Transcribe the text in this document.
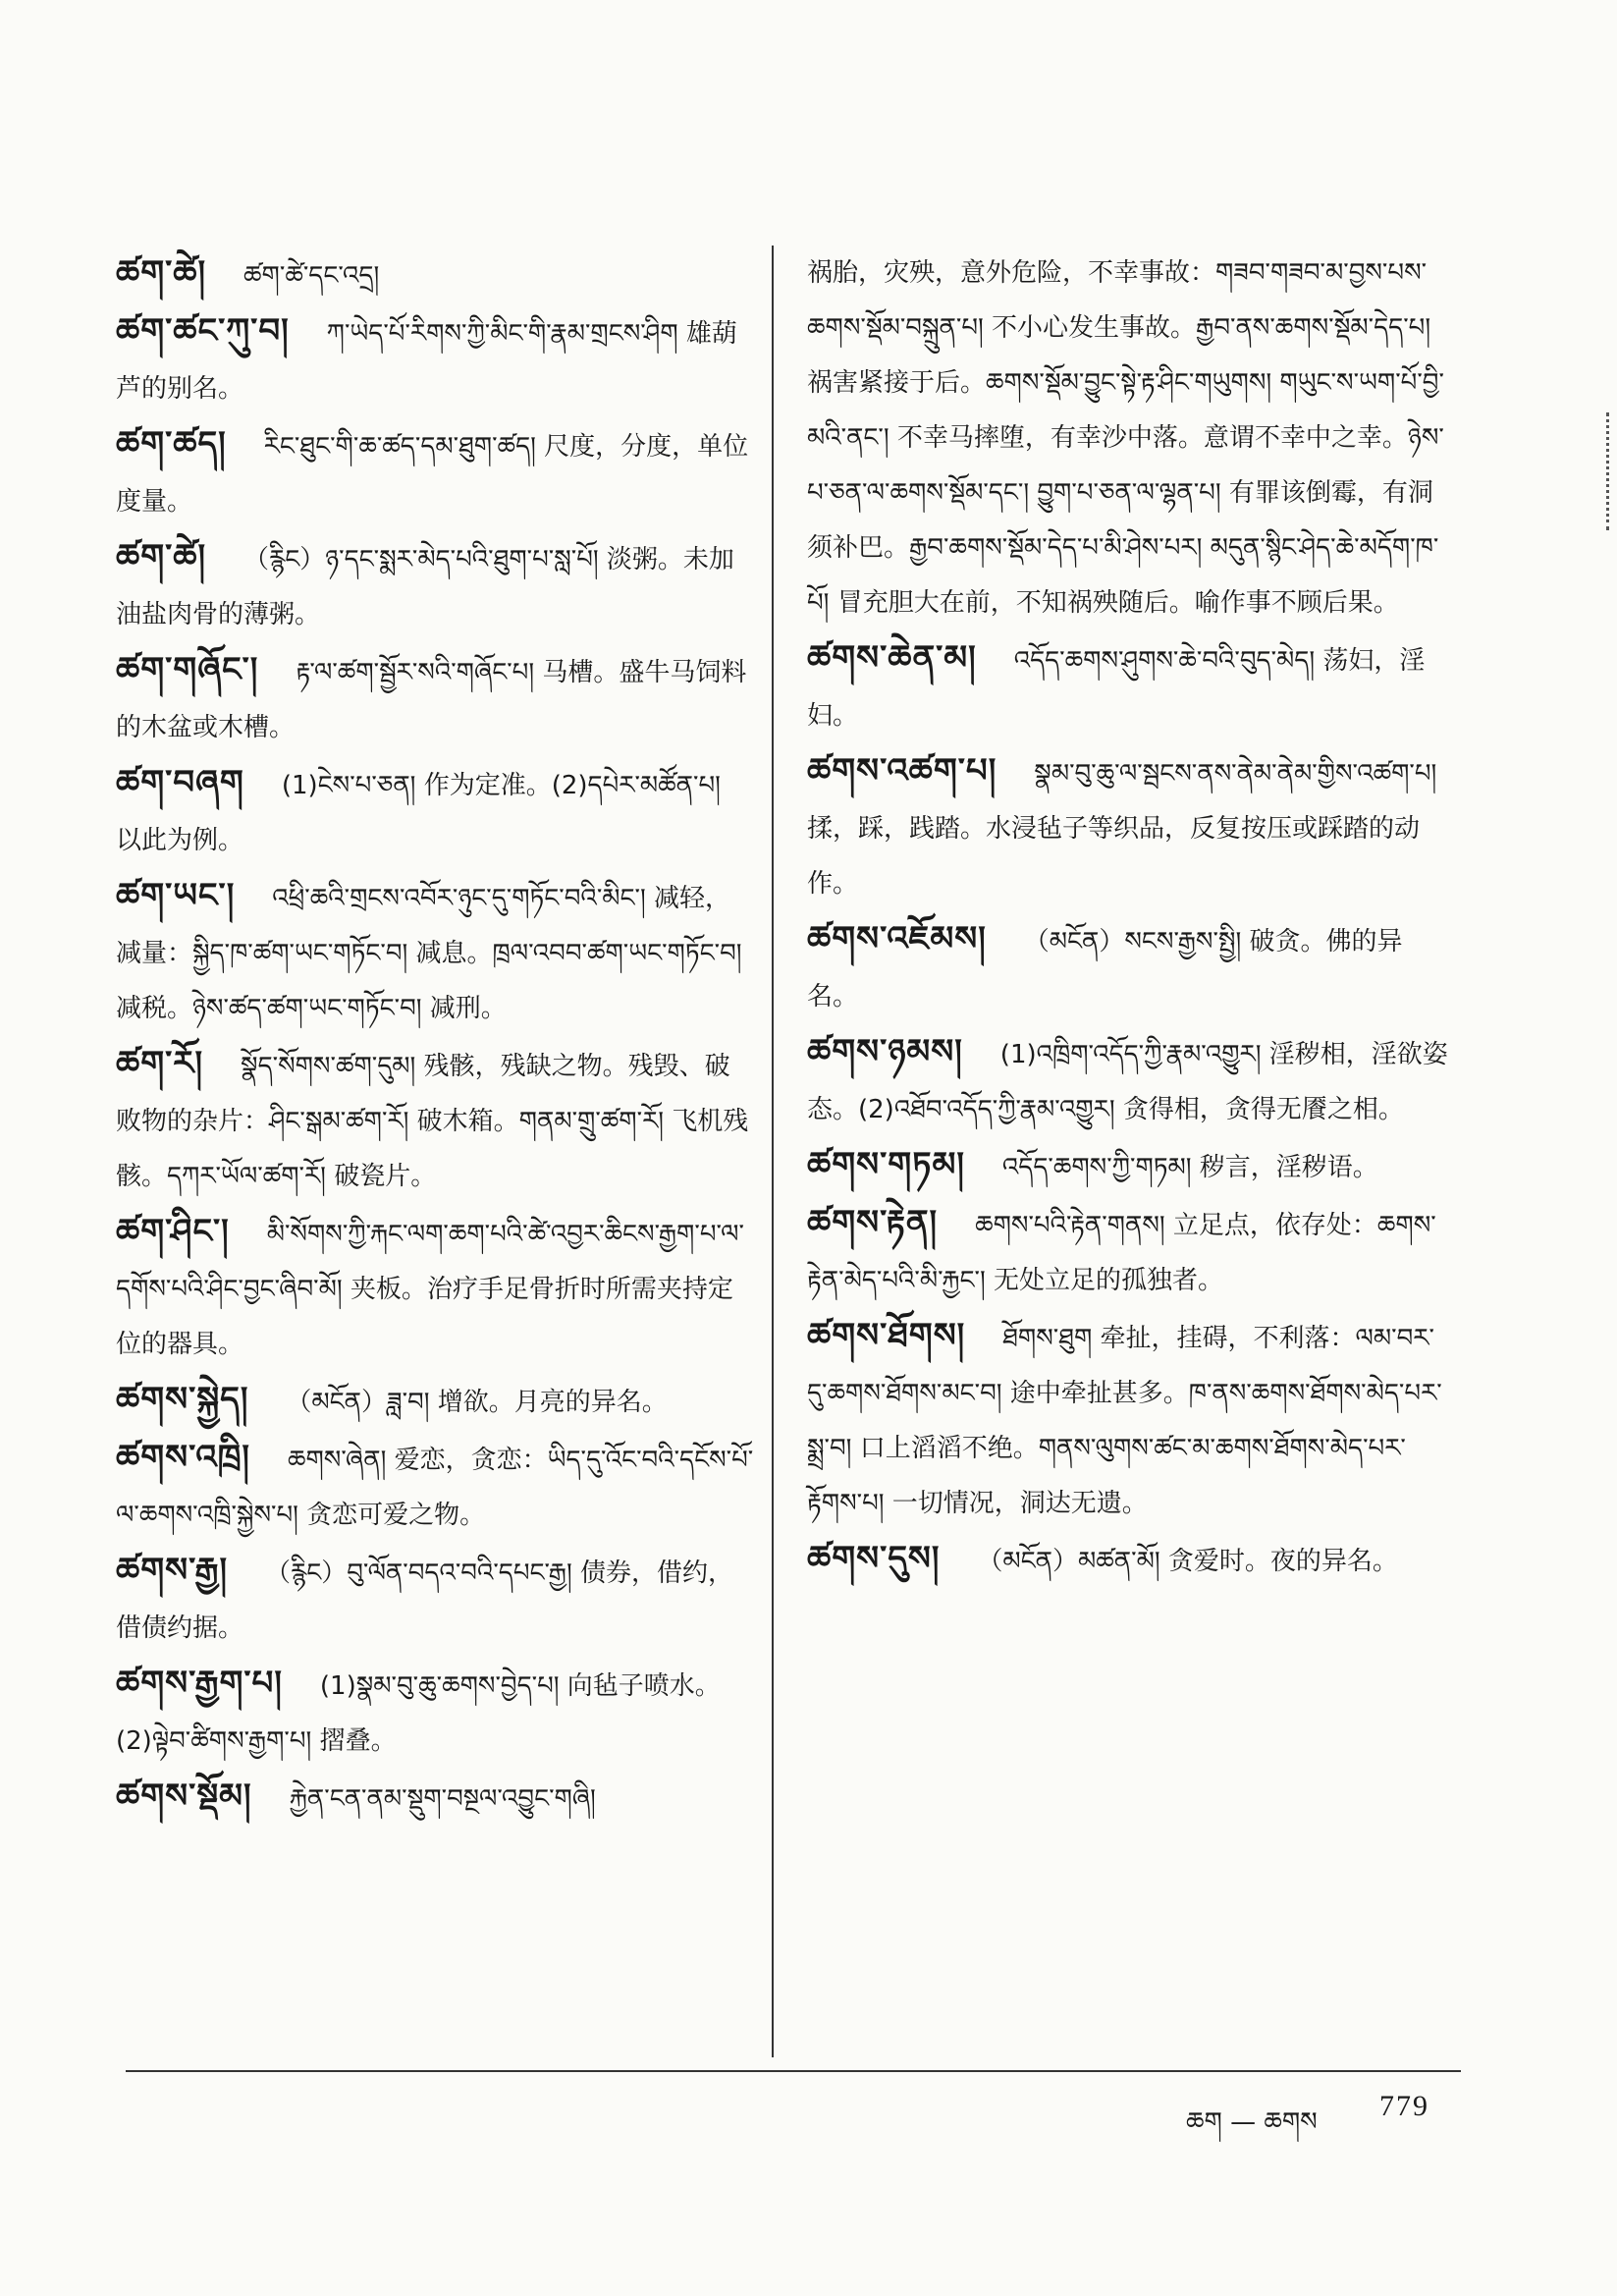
ཚག་ཚེ། ཚག་ཚེ་དང་འདྲ།

ཚག་ཚང་ཀུ་བ། ཀ་ཡེད་པོ་རིགས་ཀྱི་མིང་གི་རྣམ་གྲངས་ཤིག 雄葫芦的别名。

ཚག་ཚད། རིང་ཐུང་གི་ཆ་ཚད་དམ་ཐུག་ཚད། 尺度，分度，单位度量。

ཚག་ཚེ། （རྙིང）ཉ་དང་སྨར་མེད་པའི་ཐུག་པ་སླ་པོ། 淡粥。未加油盐肉骨的薄粥。

ཚག་གཞོང་། རྟ་ལ་ཚག་སྦྱོར་སའི་གཞོང་པ། 马槽。盛牛马饲料的木盆或木槽。

ཚག་བཞག (1)ངེས་པ་ཅན། 作为定准。(2)དཔེར་མཚོན་པ། 以此为例。

ཚག་ཡང་། འཕྲི་ཆའི་གྲངས་འབོར་ཉུང་དུ་གཏོང་བའི་མིང་། 减轻，减量：སྐྱིད་ཁ་ཚག་ཡང་གཏོང་བ། 减息。ཁྲལ་འབབ་ཚག་ཡང་གཏོང་བ། 减税。ཉེས་ཚད་ཚག་ཡང་གཏོང་བ། 减刑。

ཚག་རོ། སྣོད་སོགས་ཚག་དུམ། 残骸，残缺之物。残毁、破败物的杂片：ཤིང་སྒམ་ཚག་རོ། 破木箱。གནམ་གྲུ་ཚག་རོ། 飞机残骸。དཀར་ཡོལ་ཚག་རོ། 破瓷片。

ཚག་ཤིང་། མི་སོགས་ཀྱི་རྐང་ལག་ཆག་པའི་ཚེ་འབྱར་ཆིངས་རྒྱག་པ་ལ་དགོས་པའི་ཤིང་བྱང་ཞིབ་མོ། 夹板。治疗手足骨折时所需夹持定位的器具。

ཚགས་སྐྱེད། （མངོན）ཟླ་བ། 增欲。月亮的异名。

ཚགས་འཁྲི། ཆགས་ཞེན། 爱恋，贪恋：ཡིད་དུ་འོང་བའི་དངོས་པོ་ལ་ཆགས་འཁྲི་སྐྱེས་པ། 贪恋可爱之物。

ཚགས་རྒྱ། （རྙིང）བུ་ལོན་བདའ་བའི་དཔང་རྒྱ། 债券，借约，借债约据。

ཚགས་རྒྱག་པ། (1)སྣམ་བུ་ཆུ་ཆགས་བྱེད་པ། 向毡子喷水。(2)ལྟེབ་ཚིགས་རྒྱག་པ། 摺叠。

ཚགས་སྡོམ། རྐྱེན་ངན་ནམ་སྡུག་བསྔལ་འབྱུང་གཞི།

祸胎，灾殃，意外危险，不幸事故：གཟབ་གཟབ་མ་བྱས་པས་ཆགས་སྡོམ་བསྐྲུན་པ། 不小心发生事故。རྒྱབ་ནས་ཆགས་སྡོམ་དེད་པ། 祸害紧接于后。ཆགས་སྡོམ་བྱུང་སྟེ་རྟ་ཤིང་གཡུགས། གཡུང་ས་ཡག་པོ་བྱི་མའི་ནང་། 不幸马摔堕，有幸沙中落。意谓不幸中之幸。ཉེས་པ་ཅན་ལ་ཆགས་སྡོམ་དང་། བྱུག་པ་ཅན་ལ་ལྷན་པ། 有罪该倒霉，有洞须补巴。རྒྱབ་ཆགས་སྡོམ་དེད་པ་མི་ཤེས་པར། མདུན་སྙིང་ཤེད་ཆེ་མདོག་ཁ་པོ། 冒充胆大在前，不知祸殃随后。喻作事不顾后果。

ཚགས་ཆེན་མ། འདོད་ཆགས་ཤུགས་ཆེ་བའི་བུད་མེད། 荡妇，淫妇。

ཚགས་འཚག་པ། སྣམ་བུ་ཆུ་ལ་སྦངས་ནས་ནེམ་ནེམ་གྱིས་འཚག་པ། 揉，踩，践踏。水浸毡子等织品，反复按压或踩踏的动作。

ཚགས་འཇོམས། （མངོན）སངས་རྒྱས་སྤྱི། 破贪。佛的异名。

ཚགས་ཉམས། (1)འཁྲིག་འདོད་ཀྱི་རྣམ་འགྱུར། 淫秽相，淫欲姿态。(2)འཐོབ་འདོད་ཀྱི་རྣམ་འགྱུར། 贪得相，贪得无餍之相。

ཚགས་གཏམ། འདོད་ཆགས་ཀྱི་གཏམ། 秽言，淫秽语。

ཚགས་རྟེན། ཆགས་པའི་རྟེན་གནས། 立足点，依存处：ཆགས་རྟེན་མེད་པའི་མི་རྐྱང་། 无处立足的孤独者。

ཚགས་ཐོགས། ཐོགས་ཐུག 牵扯，挂碍，不利落：ལམ་བར་དུ་ཆགས་ཐོགས་མང་བ། 途中牵扯甚多。ཁ་ནས་ཆགས་ཐོགས་མེད་པར་སྨྲ་བ། 口上滔滔不绝。གནས་ལུགས་ཚང་མ་ཆགས་ཐོགས་མེད་པར་རྟོགས་པ། 一切情况，洞达无遗。

ཚགས་དུས། （མངོན）མཚན་མོ། 贪爱时。夜的异名。

ཆག — ཆགས 779
